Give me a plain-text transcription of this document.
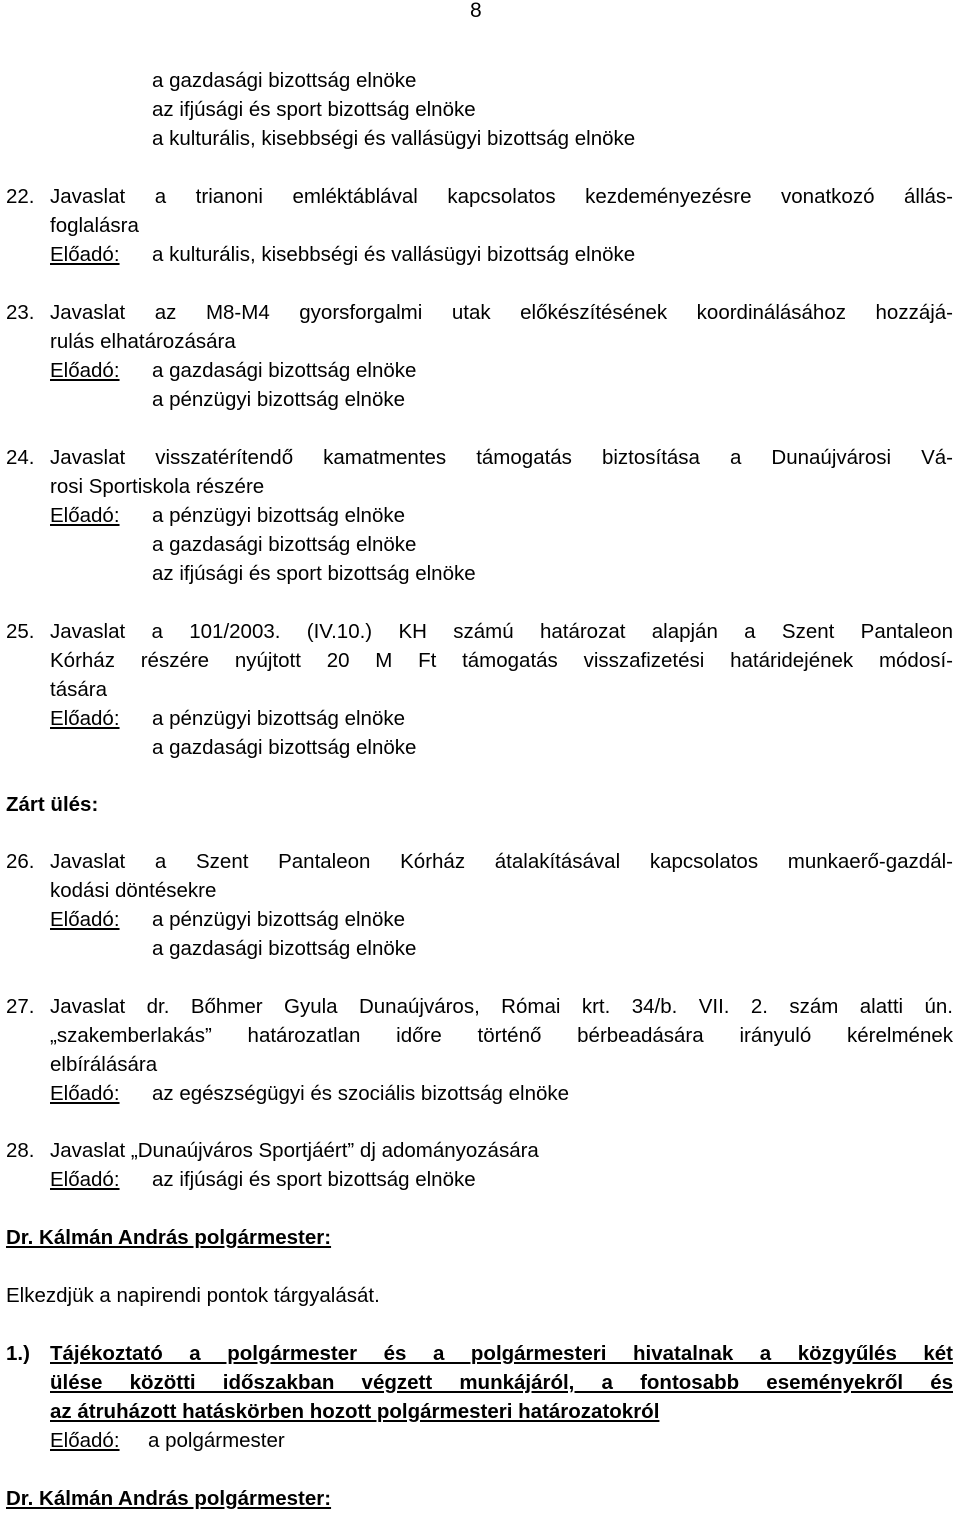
8
a gazdasági bizottság elnöke
az ifjúsági és sport bizottság elnöke
a kulturális, kisebbségi és vallásügyi bizottság elnöke
22. Javaslat a trianoni emléktáblával kapcsolatos kezdeményezésre vonatkozó állás-
foglalásra
Előadó: a kulturális, kisebbségi és vallásügyi bizottság elnöke
23. Javaslat az M8-M4 gyorsforgalmi utak előkészítésének koordinálásához hozzájá-
rulás elhatározására
Előadó: a gazdasági bizottság elnöke
a pénzügyi bizottság elnöke
24. Javaslat visszatérítendő kamatmentes támogatás biztosítása a Dunaújvárosi Vá-
rosi Sportiskola részére
Előadó: a pénzügyi bizottság elnöke
a gazdasági bizottság elnöke
az ifjúsági és sport bizottság elnöke
25. Javaslat a 101/2003. (IV.10.) KH számú határozat alapján a Szent Pantaleon
Kórház részére nyújtott 20 M Ft támogatás visszafizetési határidejének módosí-
tására
Előadó: a pénzügyi bizottság elnöke
a gazdasági bizottság elnöke
Zárt ülés:
26. Javaslat a Szent Pantaleon Kórház átalakításával kapcsolatos munkaerő-gazdál-
kodási döntésekre
Előadó: a pénzügyi bizottság elnöke
a gazdasági bizottság elnöke
27. Javaslat dr. Bőhmer Gyula Dunaújváros, Római krt. 34/b. VII. 2. szám alatti ún.
„szakemberlakás” határozatlan időre történő bérbeadására irányuló kérelmének
elbírálására
Előadó: az egészségügyi és szociális bizottság elnöke
28. Javaslat „Dunaújváros Sportjáért” dj adományozására
Előadó: az ifjúsági és sport bizottság elnöke
Dr. Kálmán András polgármester:
Elkezdjük a napirendi pontok tárgyalását.
1.) Tájékoztató a polgármester és a polgármesteri hivatalnak a közgyűlés két
ülése közötti időszakban végzett munkájáról, a fontosabb eseményekről és
az átruházott hatáskörben hozott polgármesteri határozatokról
Előadó: a polgármester
Dr. Kálmán András polgármester:
